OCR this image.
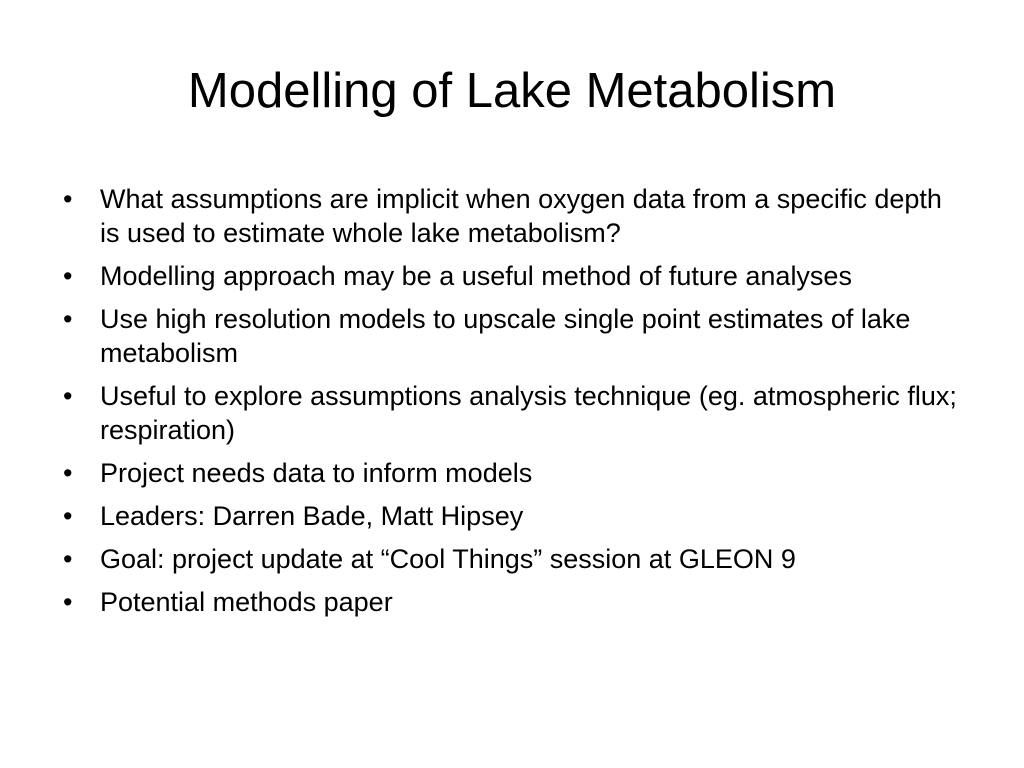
Modelling of Lake Metabolism
• What assumptions are implicit when oxygen data from a specific depth is used to estimate whole lake metabolism?
• Modelling approach may be a useful method of future analyses
• Use high resolution models to upscale single point estimates of lake metabolism
• Useful to explore assumptions analysis technique (eg. atmospheric flux; respiration)
• Project needs data to inform models
• Leaders: Darren Bade, Matt Hipsey
• Goal: project update at “Cool Things” session at GLEON 9
• Potential methods paper
